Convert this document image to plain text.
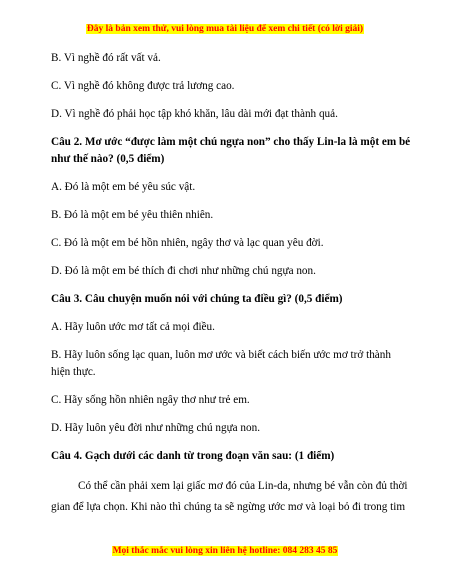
Đây là bản xem thử, vui lòng mua tài liệu để xem chi tiết (có lời giải)

B. Vì nghề đó rất vất vả.

C. Vì nghề đó không được trả lương cao.

D. Vì nghề đó phải học tập khó khăn, lâu dài mới đạt thành quả.

Câu 2. Mơ ước “được làm một chú ngựa non” cho thấy Lin-la là một em bé như thế nào? (0,5 điểm)

A. Đó là một em bé yêu súc vật.

B. Đó là một em bé yêu thiên nhiên.

C. Đó là một em bé hồn nhiên, ngây thơ và lạc quan yêu đời.

D. Đó là một em bé thích đi chơi như những chú ngựa non.

Câu 3. Câu chuyện muốn nói với chúng ta điều gì? (0,5 điểm)

A. Hãy luôn ước mơ tất cả mọi điều.

B. Hãy luôn sống lạc quan, luôn mơ ước và biết cách biến ước mơ trở thành hiện thực.

C. Hãy sống hồn nhiên ngây thơ như trẻ em.

D. Hãy luôn yêu đời như những chú ngựa non.

Câu 4. Gạch dưới các danh từ trong đoạn văn sau: (1 điểm)

Có thể cần phải xem lại giấc mơ đó của Lin-da, nhưng bé vẫn còn đủ thời gian để lựa chọn. Khi nào thì chúng ta sẽ ngừng ước mơ và loại bỏ đi trong tim

Mọi thắc mắc vui lòng xin liên hệ hotline: 084 283 45 85
